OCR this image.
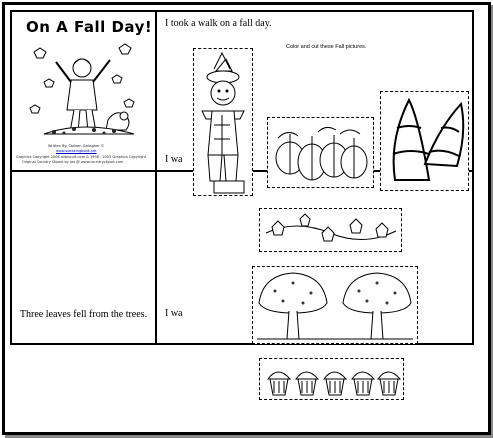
On A Fall Day!
Written By: Colleen Gallagher ©
www.speakingbook.net
Graphics Copyright 2006 alibiscuit.com & 1998 - 2003 Graphics Copyright
Original Country Clipart by Jax @ www.countryclipart.com
I took a walk on a fall day.
I wa
Three leaves fell from the trees.	I wa
Color and cut these Fall pictures.
